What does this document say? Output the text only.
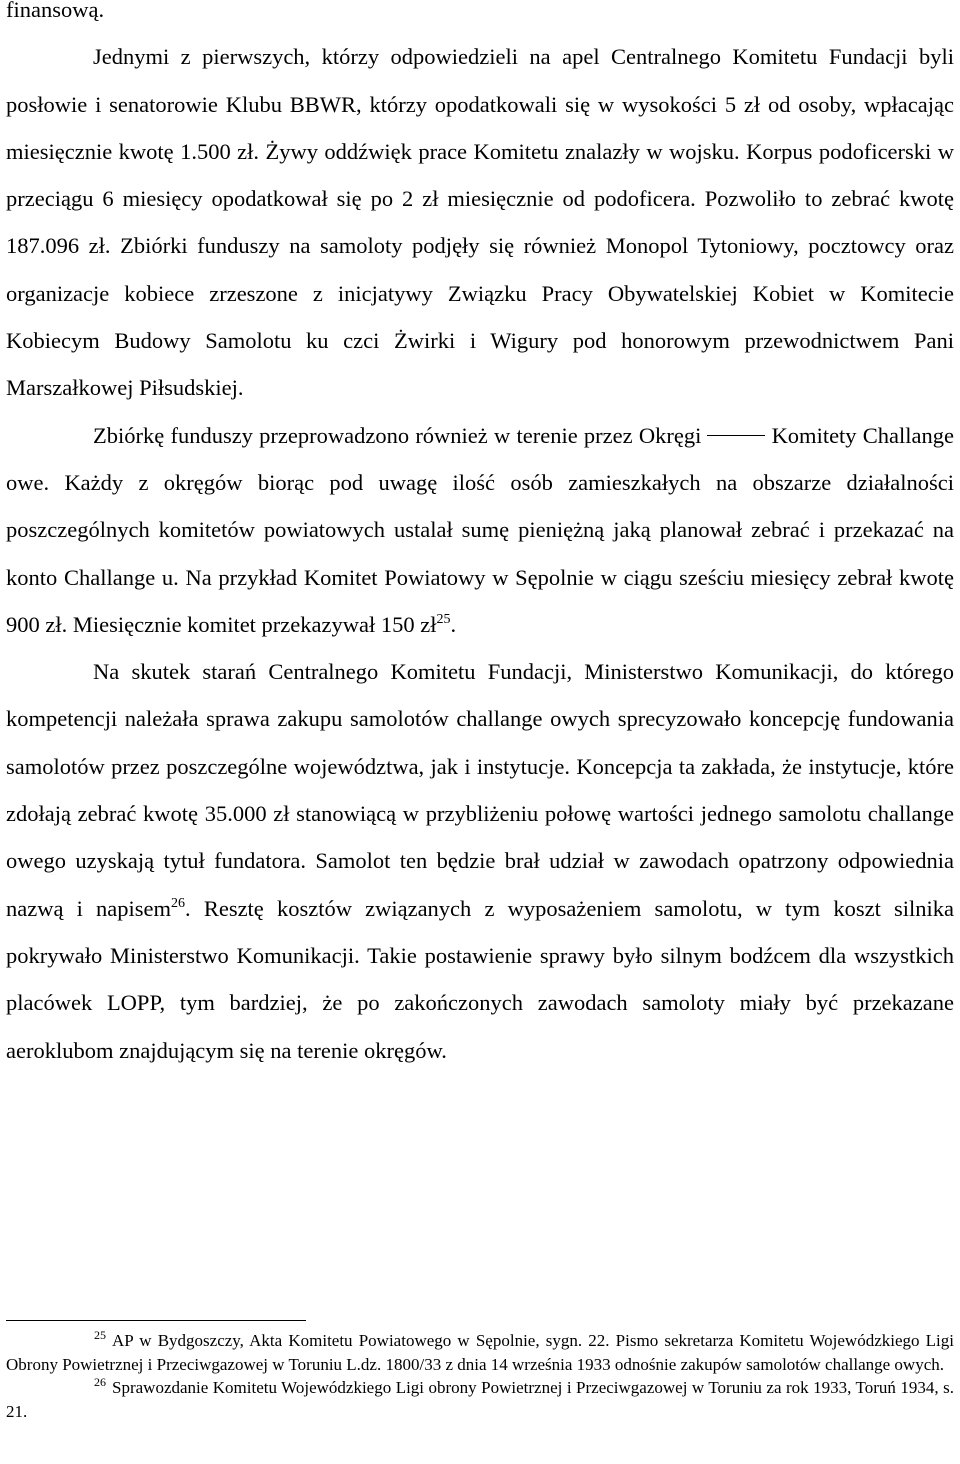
finansową.

Jednymi z pierwszych, którzy odpowiedzieli na apel Centralnego Komitetu Fundacji byli posłowie i senatorowie Klubu BBWR, którzy opodatkowali się w wysokości 5 zł od osoby, wpłacając miesięcznie kwotę 1.500 zł. Żywy oddźwięk prace Komitetu znalazły w wojsku. Korpus podoficerski w przeciągu 6 miesięcy opodatkował się po 2 zł miesięcznie od podoficera. Pozwoliło to zebrać kwotę 187.096 zł. Zbiórki funduszy na samoloty podjęły się również Monopol Tytoniowy, pocztowcy oraz organizacje kobiece zrzeszone z inicjatywy Związku Pracy Obywatelskiej Kobiet w Komitecie Kobiecym Budowy Samolotu ku czci Żwirki i Wigury pod honorowym przewodnictwem Pani Marszałkowej Piłsudskiej.

Zbiórkę funduszy przeprowadzono również w terenie przez Okręgi	Komitety Challange owe. Każdy z okręgów biorąc pod uwagę ilość osób zamieszkałych na obszarze działalności poszczególnych komitetów powiatowych ustalał sumę pieniężną jaką planował zebrać i przekazać na konto Challange u. Na przykład Komitet Powiatowy w Sępolnie w ciągu sześciu miesięcy zebrał kwotę 900 zł. Miesięcznie komitet przekazywał 150 $zł^{25}$.

Na skutek starań Centralnego Komitetu Fundacji, Ministerstwo Komunikacji, do którego kompetencji należała sprawa zakupu samolotów challange owych sprecyzowało koncepcję fundowania samolotów przez poszczególne województwa, jak i instytucje. Koncepcja ta zakłada, że instytucje, które zdołają zebrać kwotę 35.000 zł stanowiącą w przybliżeniu połowę wartości jednego samolotu challange owego uzyskają tytuł fundatora. Samolot ten będzie brał udział w zawodach opatrzony odpowiednia nazwą i napisem$^{26}$. Resztę kosztów związanych z wyposażeniem samolotu, w tym koszt silnika pokrywało Ministerstwo Komunikacji. Takie postawienie sprawy było silnym bodźcem dla wszystkich placówek LOPP, tym bardziej, że po zakończonych zawodach samoloty miały być przekazane aeroklubom znajdującym się na terenie okręgów.

25 AP w Bydgoszczy, Akta Komitetu Powiatowego w Sępolnie, sygn. 22. Pismo sekretarza Komitetu Wojewódzkiego Ligi Obrony Powietrznej i Przeciwgazowej w Toruniu L.dz. 1800/33 z dnia 14 września 1933 odnośnie zakupów samolotów challange owych.

26 Sprawozdanie Komitetu Wojewódzkiego Ligi obrony Powietrznej i Przeciwgazowej w Toruniu za rok 1933, Toruń 1934, s. 21.
